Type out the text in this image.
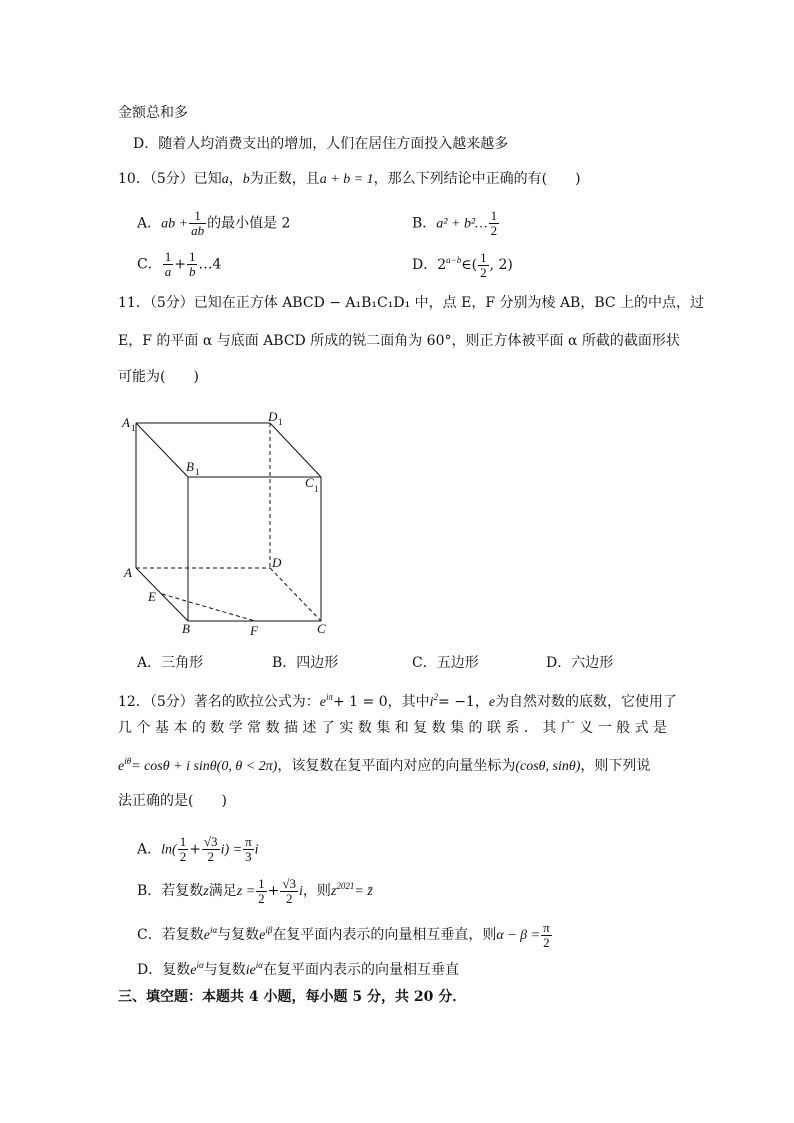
金额总和多
D．随着人均消费支出的增加，人们在居住方面投入越来越多
10．（5分）已知a，b为正数，且a + b = 1，那么下列结论中正确的有(　　)
A．ab + $\frac{1}{ab}$ 的最小值是 2	B．a² + b²… $\frac{1}{2}$
C． $\frac{1}{a} + \frac{1}{b}$ …4	D．$2^{a-b}\in( \frac{1}{2}$ , 2)
11．（5分）已知在正方体 ABCD − A₁B₁C₁D₁ 中，点 E，F 分别为棱 AB，BC 上的中点，过
E，F 的平面 α 与底面 ABCD 所成的锐二面角为 60°，则正方体被平面 α 所截的截面形状
可能为(　　)
A 1
D 1
B 1
C 1
A
D
E
B	F	C
A．三角形	B．四边形	C．五边形	D．六边形
12．（5分）著名的欧拉公式为：$e^{i\pi}+ 1 = 0$，其中$i^2= -1$，e为自然对数的底数，它使用了
几 个 基 本 的 数 学 常 数 描 述 了 实 数 集 和 复 数 集 的 联 系 ． 其 广 义 一 般 式 是
$e^{i\theta}= \cos\theta + i$ sinθ(0, θ < 2π)，该复数在复平面内对应的向量坐标为(cosθ, sinθ)，则下列说
法正确的是(　　)
A．$\ln( \frac{1}{2} + \frac{√3}{2} i) = \frac{\pi}{3}$ i
B．若复数z满足$z = \frac{1}{2} + \frac{√3}{2}$ i，则$z^{2021}=$ z̄
C．若复数$e^{i\alpha}$与复数$e^{i\beta}$在复平面内表示的向量相互垂直，则$\alpha - \beta = \frac{\pi}{2}$
D．复数$e^{i\alpha}$与复数$ie^{i\alpha}$在复平面内表示的向量相互垂直
三、填空题：本题共 4 小题，每小题 5 分，共 20 分．
